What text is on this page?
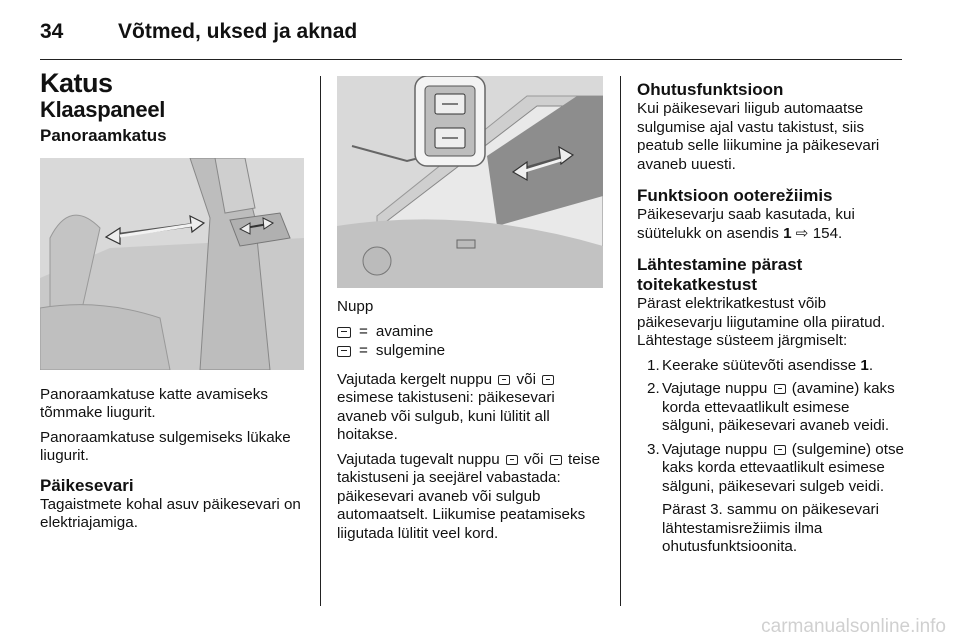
34	Võtmed, uksed ja aknad
Katus
Klaaspaneel
Panoraamkatus

Panoraamkatuse katte avamiseks tõmmake liugurit.

Panoraamkatuse sulgemiseks lükake liugurit.

Päikesevari

Tagaistmete kohal asuv päikesevari on elektriajamiga.

Nupp

= avamine
= sulgemine

Vajutada kergelt nuppu  või  esimese takistuseni: päikesevari avaneb või sulgub, kuni lülitit all hoitakse.

Vajutada tugevalt nuppu  või  teise takistuseni ja seejärel vabastada: päikesevari avaneb või sulgub automaatselt. Liikumise peatamiseks liigutada lülitit veel kord.

Ohutusfunktsioon

Kui päikesevari liigub automaatse sulgumise ajal vastu takistust, siis peatub selle liikumine ja päikesevari avaneb uuesti.

Funktsioon ooterežiimis

Päikesevarju saab kasutada, kui süütelukk on asendis 1 ⇨ 154.

Lähtestamine pärast
toitekatkestust

Pärast elektrikatkestust võib päikesevarju liigutamine olla piiratud. Lähtestage süsteem järgmiselt:

1. Keerake süütevõti asendisse 1.
2. Vajutage nuppu  (avamine) kaks korda ettevaatlikult esimese sälguni, päikesevari avaneb veidi.
3. Vajutage nuppu  (sulgemine) otse kaks korda ettevaatlikult esimese sälguni, päikesevari sulgeb veidi.

Pärast 3. sammu on päikesevari lähtestamisrežiimis ilma ohutusfunktsioonita.

carmanualsonline.info
